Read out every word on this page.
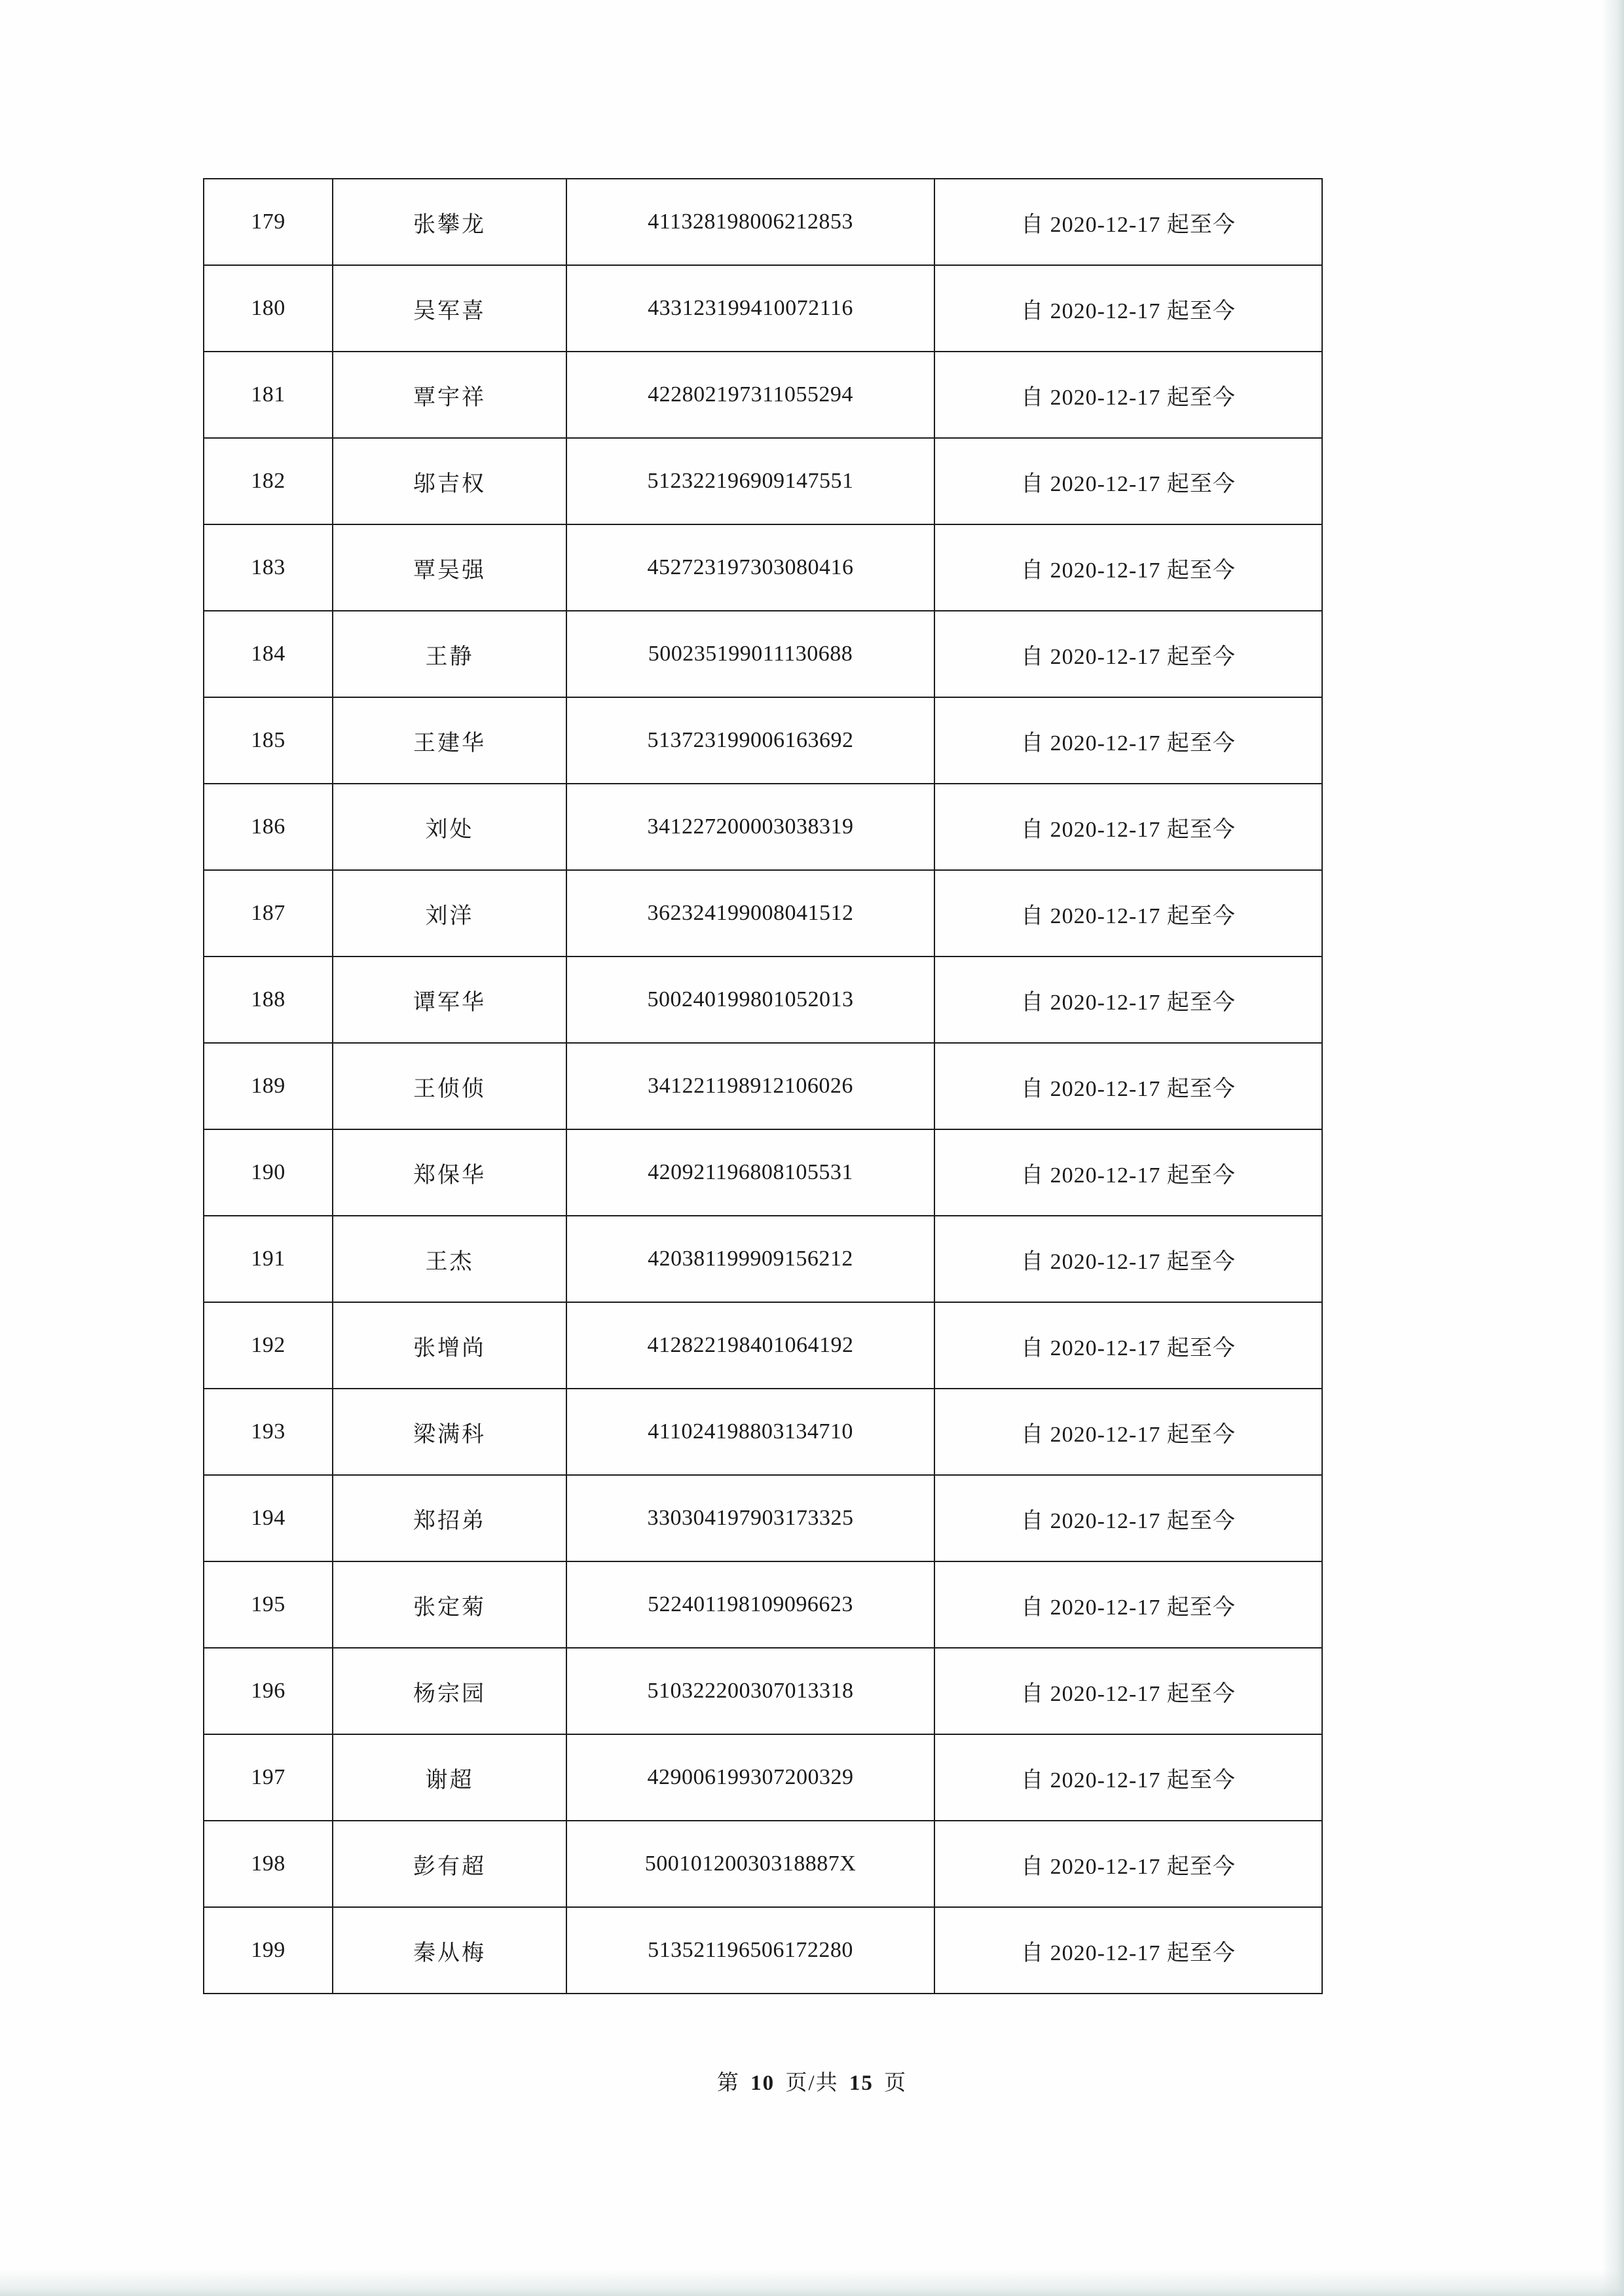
179	张攀龙	411328198006212853	自 2020-12-17 起至今
180	吴军喜	433123199410072116	自 2020-12-17 起至今
181	覃宇祥	422802197311055294	自 2020-12-17 起至今
182	邬吉权	512322196909147551	自 2020-12-17 起至今
183	覃吴强	452723197303080416	自 2020-12-17 起至今
184	王静	500235199011130688	自 2020-12-17 起至今
185	王建华	513723199006163692	自 2020-12-17 起至今
186	刘处	341227200003038319	自 2020-12-17 起至今
187	刘洋	362324199008041512	自 2020-12-17 起至今
188	谭军华	500240199801052013	自 2020-12-17 起至今
189	王侦侦	341221198912106026	自 2020-12-17 起至今
190	郑保华	420921196808105531	自 2020-12-17 起至今
191	王杰	420381199909156212	自 2020-12-17 起至今
192	张增尚	412822198401064192	自 2020-12-17 起至今
193	梁满科	411024198803134710	自 2020-12-17 起至今
194	郑招弟	330304197903173325	自 2020-12-17 起至今
195	张定菊	522401198109096623	自 2020-12-17 起至今
196	杨宗园	510322200307013318	自 2020-12-17 起至今
197	谢超	429006199307200329	自 2020-12-17 起至今
198	彭有超	50010120030318887X	自 2020-12-17 起至今
199	秦从梅	513521196506172280	自 2020-12-17 起至今
第 10 页/共 15 页
